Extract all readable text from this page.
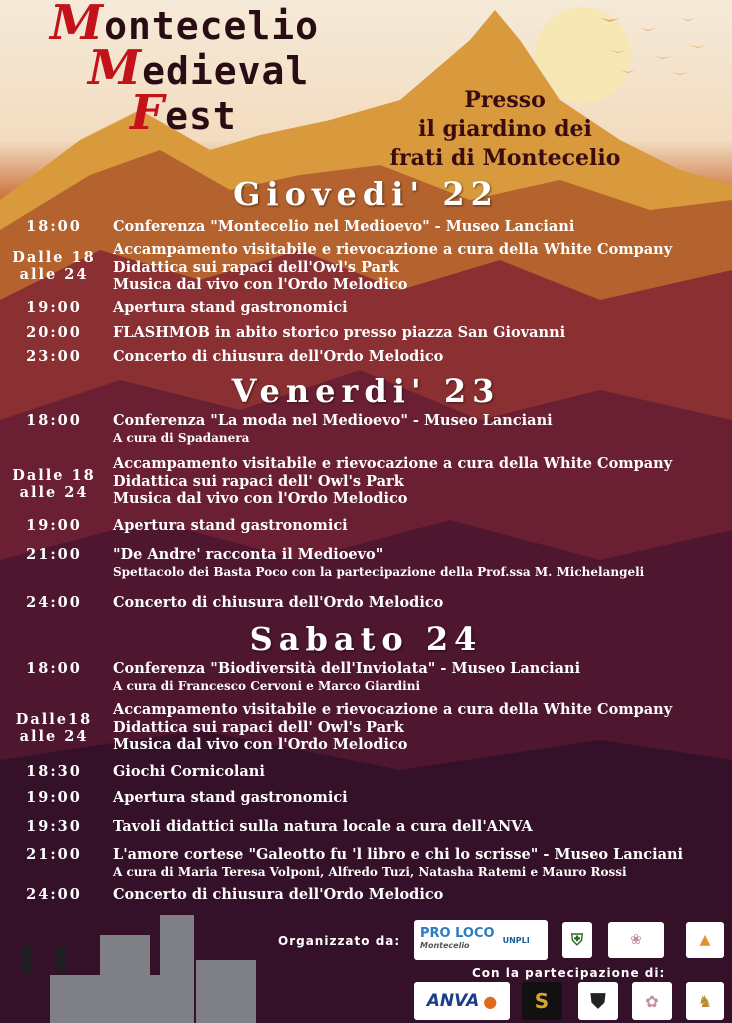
Montecelio
Medieval
Fest	Presso
il giardino dei
frati di Montecelio
Giovedi' 22
18:00	Conferenza "Montecelio nel Medioevo" - Museo Lanciani
Dalle 18
alle 24
Accampamento visitabile e rievocazione a cura della White Company
Didattica sui rapaci dell'Owl's Park
Musica dal vivo con l'Ordo Melodico
19:00	Apertura stand gastronomici
20:00	FLASHMOB in abito storico presso piazza San Giovanni
23:00	Concerto di chiusura dell'Ordo Melodico
Venerdi' 23
18:00	Conferenza "La moda nel Medioevo" - Museo Lanciani
A cura di Spadanera
Dalle 18
alle 24
Accampamento visitabile e rievocazione a cura della White Company
Didattica sui rapaci dell' Owl's Park
Musica dal vivo con l'Ordo Melodico
19:00	Apertura stand gastronomici
21:00	"De Andre' racconta il Medioevo"
Spettacolo dei Basta Poco con la partecipazione della Prof.ssa M. Michelangeli
24:00	Concerto di chiusura dell'Ordo Melodico
Sabato 24
18:00	Conferenza "Biodiversità dell'Inviolata" - Museo Lanciani
A cura di Francesco Cervoni e Marco Giardini
Dalle18
alle 24
Accampamento visitabile e rievocazione a cura della White Company
Didattica sui rapaci dell' Owl's Park
Musica dal vivo con l'Ordo Melodico
18:30	Giochi Cornicolani
19:00	Apertura stand gastronomici
19:30	Tavoli didattici sulla natura locale a cura dell'ANVA
21:00	L'amore cortese "Galeotto fu 'l libro e chi lo scrisse" - Museo Lanciani
A cura di Maria Teresa Volponi, Alfredo Tuzi, Natasha Ratemi e Mauro Rossi
24:00	Concerto di chiusura dell'Ordo Melodico
Organizzato da:
Con la partecipazione di:
PRO LOCO
Montecelio
UNPLI	⛨	❀	▲
ANVA ● S ⛊ ✿ ♞
